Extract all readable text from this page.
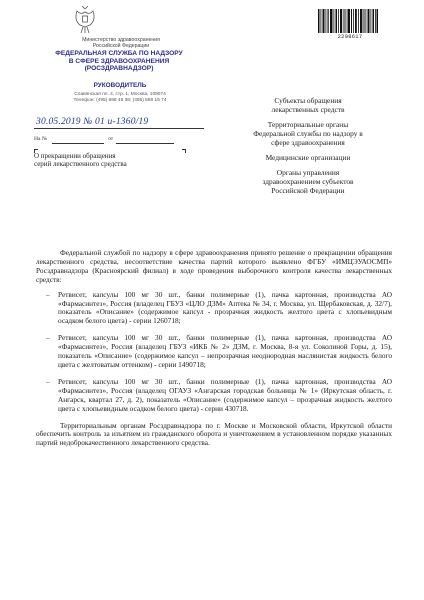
Министерство здравоохранения
Российской Федерации
ФЕДЕРАЛЬНАЯ СЛУЖБА ПО НАДЗОРУ
В СФЕРЕ ЗДРАВООХРАНЕНИЯ
(РОСЗДРАВНАДЗОР)
РУКОВОДИТЕЛЬ
Славянская пл. 4, стр. 1, Москва, 109074
Телефон: (495) 698 45 38; (495) 698 15 74
30.05.2019 № 01 и-1360/19
На №	от
О прекращении обращения
серий лекарственного средства
2298617

Субъекты обращения
лекарственных средств

Территориальные органы
Федеральной службы по надзору в
сфере здравоохранения

Медицинские организации

Органы управления
здравоохранением субъектов
Российской Федерации

Федеральной службой по надзору в сфере здравоохранения принято решение о прекращении обращения лекарственного средства, несоответствие качества партий которого выявлено ФГБУ «ИМЦЭУАОСМП» Росздравнадзора (Красноярский филиал) в ходе проведения выборочного контроля качества лекарственных средств:

– Ретвисет, капсулы 100 мг 30 шт., банки полимерные (1), пачка картонная, производства АО «Фармасинтез», Россия (владелец ГБУЗ «ЦЛО ДЗМ» Аптека № 34, г. Москва, ул. Щербаковская, д. 32/7), показатель «Описание» (содержимое капсул - прозрачная жидкость желтого цвета с хлопьевидным осадком белого цвета) - серии 1260718;

– Ретвисет, капсулы 100 мг 30 шт., банки полимерные (1), пачка картонная, производства АО «Фармасинтез», Россия (владелец ГБУЗ «ИКБ № 2» ДЗМ, г. Москва, 8-я ул. Соколиной Горы, д. 15), показатель «Описание» (содержимое капсул – непрозрачная неоднородная маслянистая жидкость белого цвета с желтоватым оттенком) - серии 1490718;

– Ретвисет, капсулы 100 мг 30 шт., банки полимерные (1), пачка картонная, производства АО «Фармасинтез», Россия (владелец ОГАУЗ «Ангарская городская больница № 1» (Иркутская область, г. Ангарск, квартал 27, д. 2), показатель «Описание» (содержимое капсул – прозрачная жидкость желтого цвета с хлопьевидным осадком белого цвета) - серии 430718.

Территориальным органам Росздравнадзора по г. Москве и Московской области, Иркутской области обеспечить контроль за изъятием из гражданского оборота и уничтожением в установленном порядке указанных партий недоброкачественного лекарственного средства.
